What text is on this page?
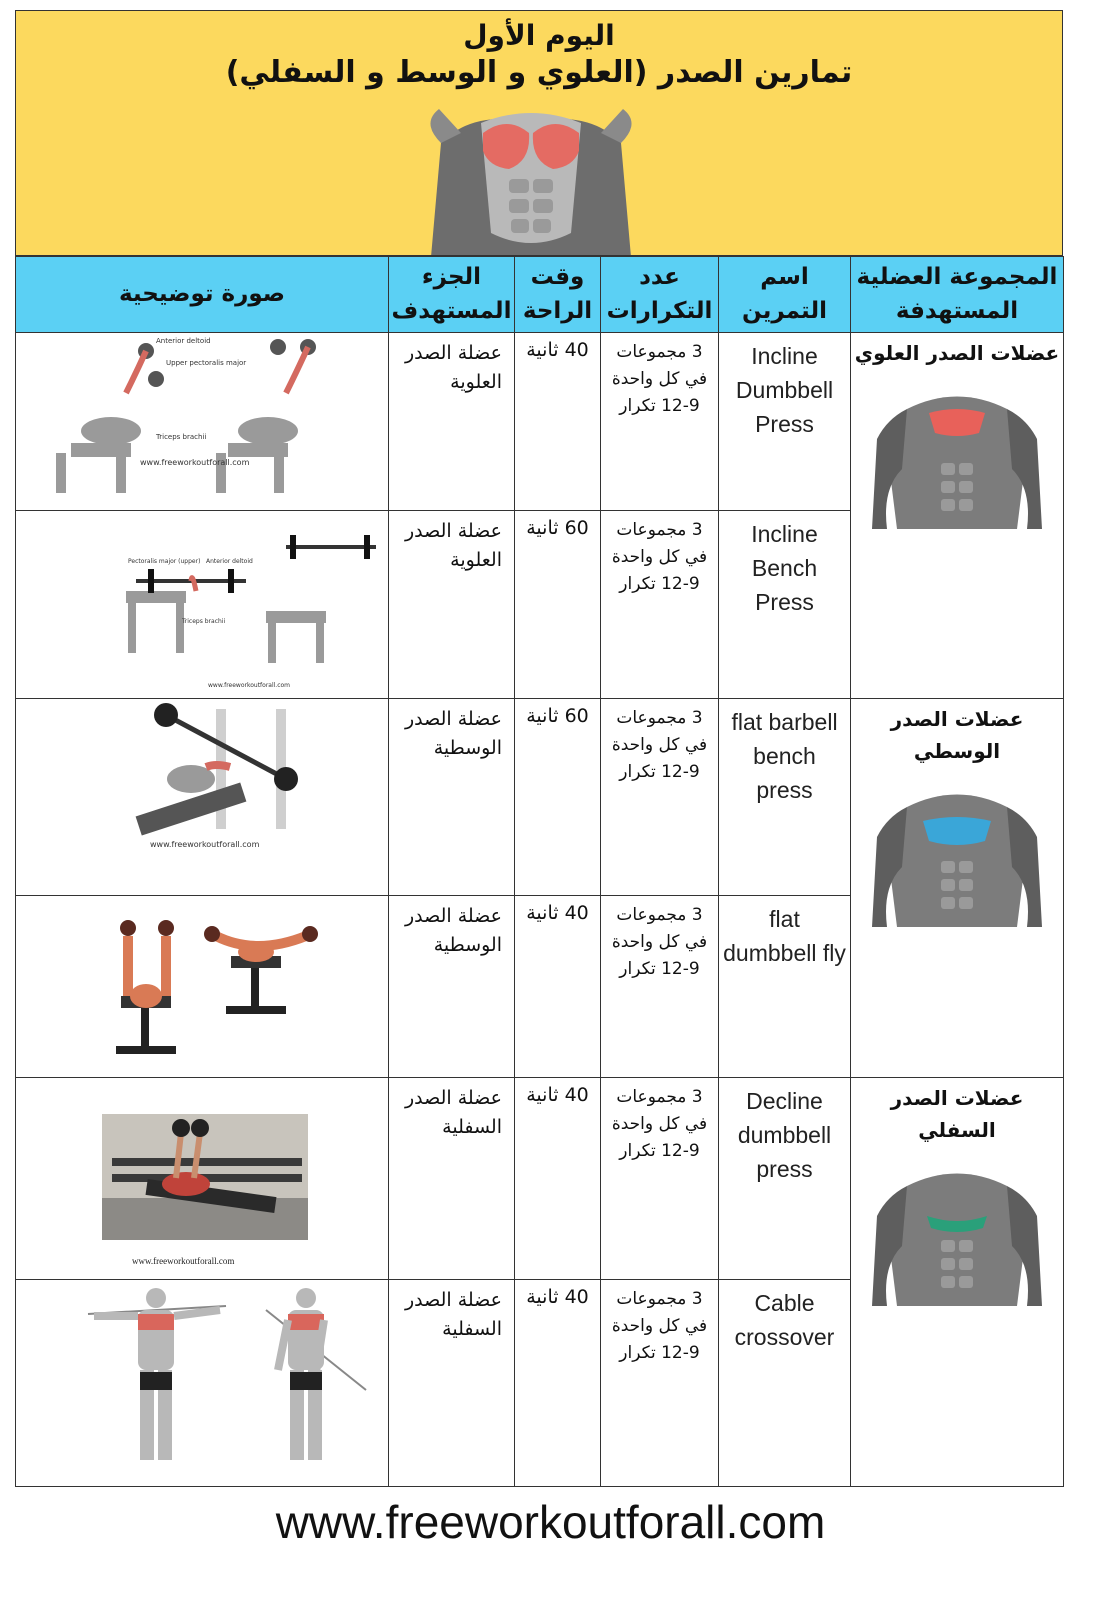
اليوم الأول
تمارين الصدر (العلوي و الوسط و السفلي)
صورة توضيحية	الجزء المستهدف	وقت الراحة	عدد التكرارات	اسم التمرين	المجموعة العضلية المستهدفة

Anterior deltoid
Upper pectoralis major
Triceps brachii
www.freeworkoutforall.com	عضلة الصدر العلوية	40 ثانية	3 مجموعات في كل واحدة 9-12 تكرار	Incline Dumbbell Press	عضلات الصدر العلوي

Pectoralis major (upper) Anterior deltoid
Triceps brachii
www.freeworkoutforall.com	عضلة الصدر العلوية	60 ثانية	3 مجموعات في كل واحدة 9-12 تكرار	Incline Bench Press	

www.freeworkoutforall.com	عضلة الصدر الوسطية	60 ثانية	3 مجموعات في كل واحدة 9-12 تكرار	flat barbell bench press	عضلات الصدر الوسطي

	عضلة الصدر الوسطية	40 ثانية	3 مجموعات في كل واحدة 9-12 تكرار	flat dumbbell fly	

www.freeworkoutforall.com	عضلة الصدر السفلية	40 ثانية	3 مجموعات في كل واحدة 9-12 تكرار	Decline dumbbell press	عضلات الصدر السفلي

	عضلة الصدر السفلية	40 ثانية	3 مجموعات في كل واحدة 9-12 تكرار	Cable crossover	
www.freeworkoutforall.com
